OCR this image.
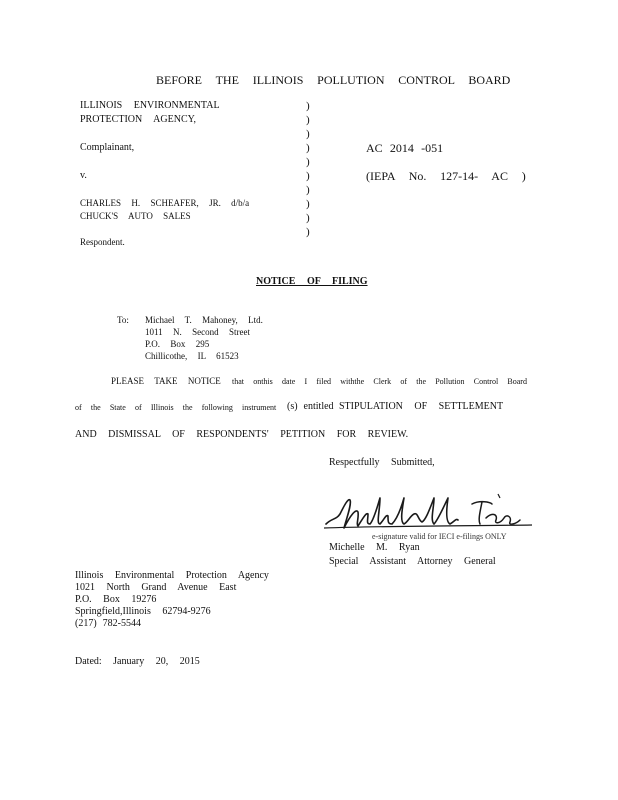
BEFORE THE ILLINOIS POLLUTION CONTROL BOARD
ILLINOIS ENVIRONMENTAL
PROTECTION AGENCY,
Complainant,
v.
CHARLES H. SCHEAFER, JR. d/b/a
CHUCK'S AUTO SALES
Respondent.
)
)
)
)
)
)
)
)
)
)
AC 2014 -051
(IEPA No. 127-14- AC )
NOTICE OF FILING
To: Michael T. Mahoney, Ltd.
1011 N. Second Street
P.O. Box 295
Chillicothe, IL 61523
PLEASE TAKE NOTICE that onthis date I filed withthe Clerk of the Pollution Control Board
of the State of Illinois the following instrument (s) entitled STIPULATION OF SETTLEMENT
AND DISMISSAL OF RESPONDENTS' PETITION FOR REVIEW.
Respectfully Submitted,
e-signature valid for IECI e-filings ONLY
Michelle M. Ryan
Special Assistant Attorney General
Illinois Environmental Protection Agency
1021 North Grand Avenue East
P.O. Box 19276
Springfield,Illinois 62794-9276
(217) 782-5544
Dated: January 20, 2015
